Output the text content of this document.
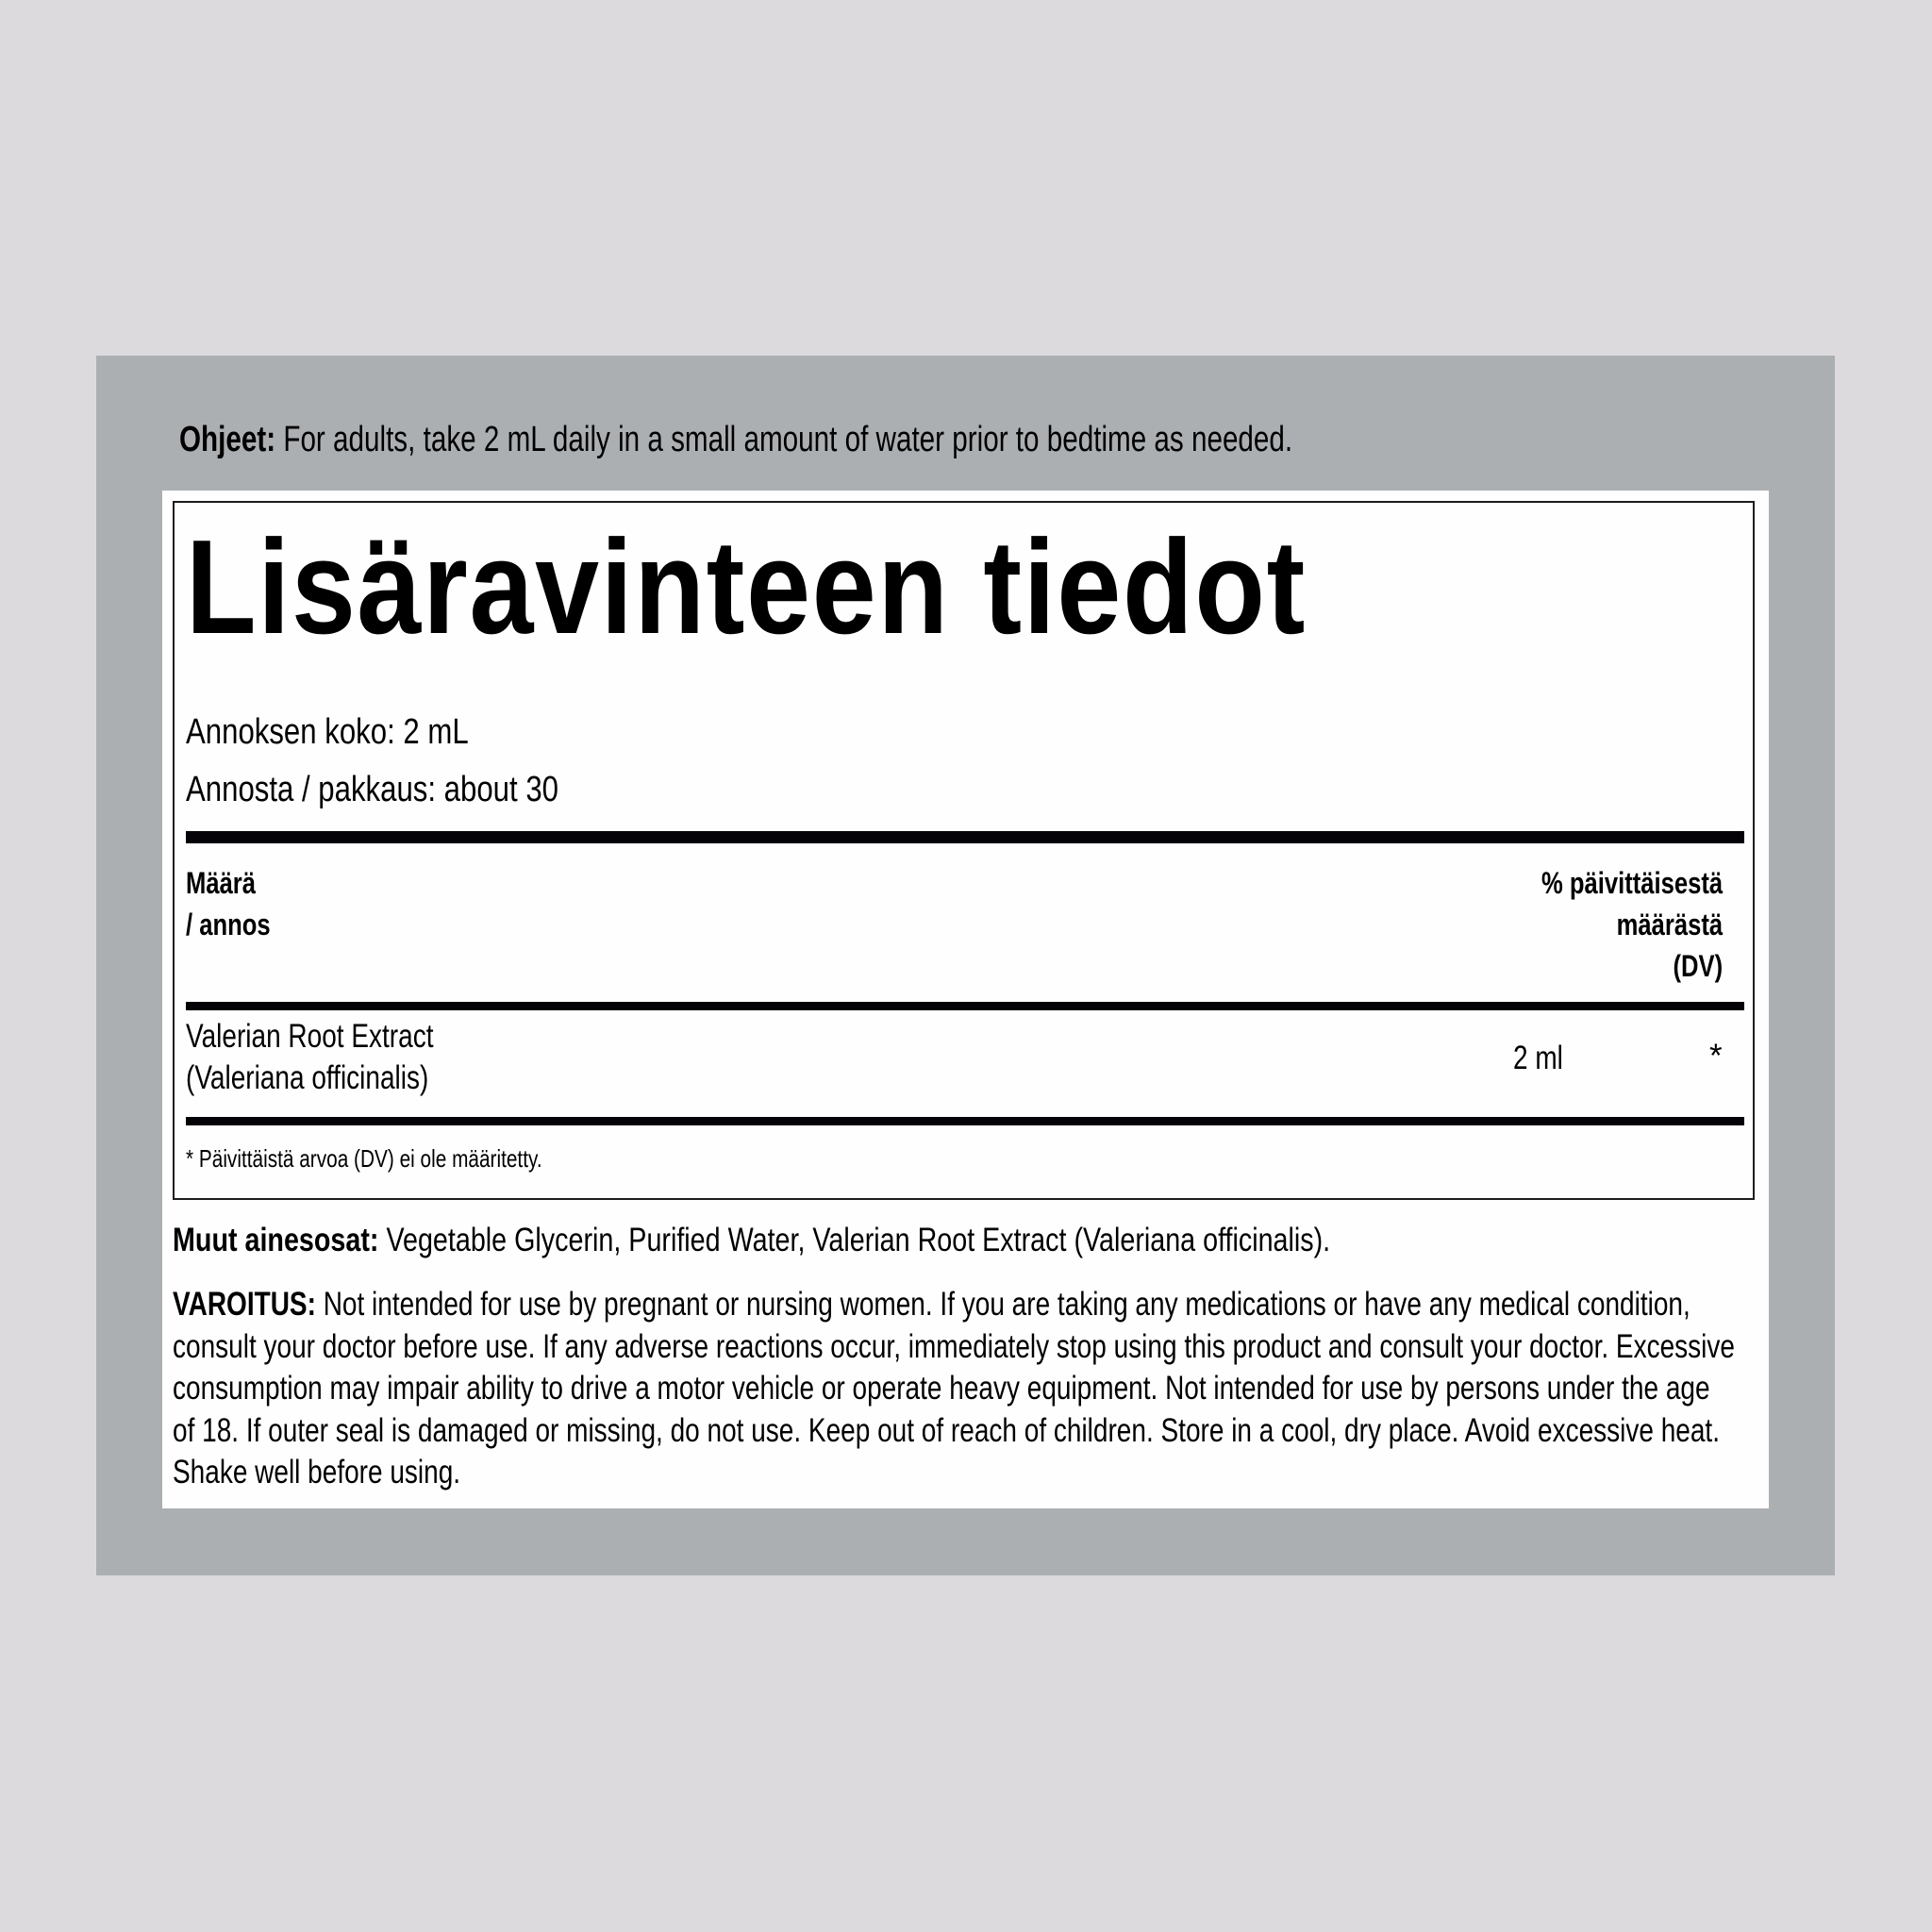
Ohjeet: For adults, take 2 mL daily in a small amount of water prior to bedtime as needed.
Lisäravinteen tiedot
Annoksen koko: 2 mL
Annosta / pakkaus: about 30
Määrä
/ annos
% päivittäisestä
määrästä
(DV)
Valerian Root Extract
(Valeriana officinalis)
2 ml	*
* Päivittäistä arvoa (DV) ei ole määritetty.
Muut ainesosat: Vegetable Glycerin, Purified Water, Valerian Root Extract (Valeriana officinalis).
VAROITUS: Not intended for use by pregnant or nursing women. If you are taking any medications or have any medical condition, consult your doctor before use. If any adverse reactions occur, immediately stop using this product and consult your doctor. Excessive consumption may impair ability to drive a motor vehicle or operate heavy equipment. Not intended for use by persons under the age of 18. If outer seal is damaged or missing, do not use. Keep out of reach of children. Store in a cool, dry place. Avoid excessive heat. Shake well before using.
